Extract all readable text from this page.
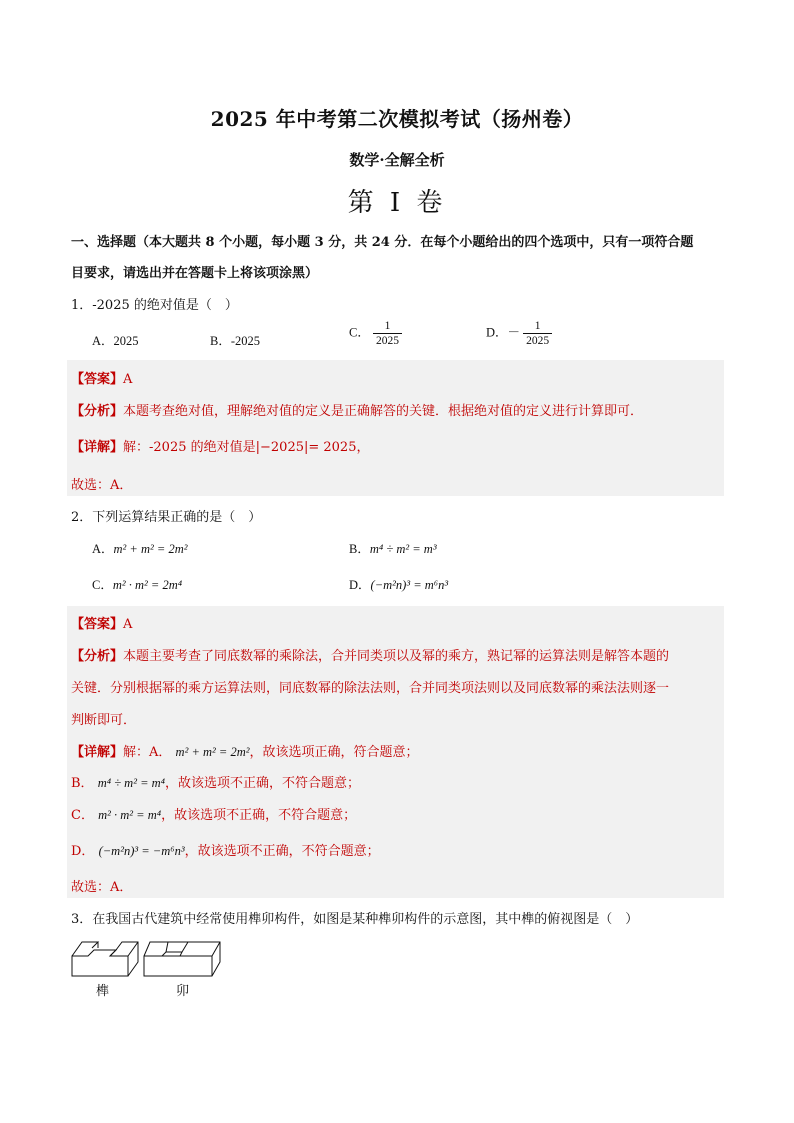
2025 年中考第二次模拟考试（扬州卷）
数学·全解全析
第 I 卷
一、选择题（本大题共 8 个小题，每小题 3 分，共 24 分．在每个小题给出的四个选项中，只有一项符合题
目要求，请选出并在答题卡上将该项涂黑）
1．-2025 的绝对值是（　）
A．2025	B．-2025
C． $\frac{1}{2025}$	D．－ $\frac{1}{2025}$
【答案】A
【分析】本题考查绝对值，理解绝对值的定义是正确解答的关键．根据绝对值的定义进行计算即可．
【详解】解：-2025 的绝对值是|−2025|= 2025，
故选：A．
2．下列运算结果正确的是（　）
A．m² + m² = 2m²	B．m⁴ ÷ m² = m³
C．m² · m² = 2m⁴	D．(−m²n)³ = m⁶n³
【答案】A
【分析】本题主要考查了同底数幂的乘除法，合并同类项以及幂的乘方，熟记幂的运算法则是解答本题的
关键．分别根据幂的乘方运算法则，同底数幂的除法法则，合并同类项法则以及同底数幂的乘法法则逐一
判断即可．
【详解】解：A． m² + m² = 2m²，故该选项正确，符合题意；
B． m⁴ ÷ m² = m⁴，故该选项不正确，不符合题意；
C． m² · m² = m⁴，故该选项不正确，不符合题意；
D． (−m²n)³ = −m⁶n³，故该选项不正确，不符合题意；
故选：A．
3．在我国古代建筑中经常使用榫卯构件，如图是某种榫卯构件的示意图，其中榫的俯视图是（　）
榫	卯
